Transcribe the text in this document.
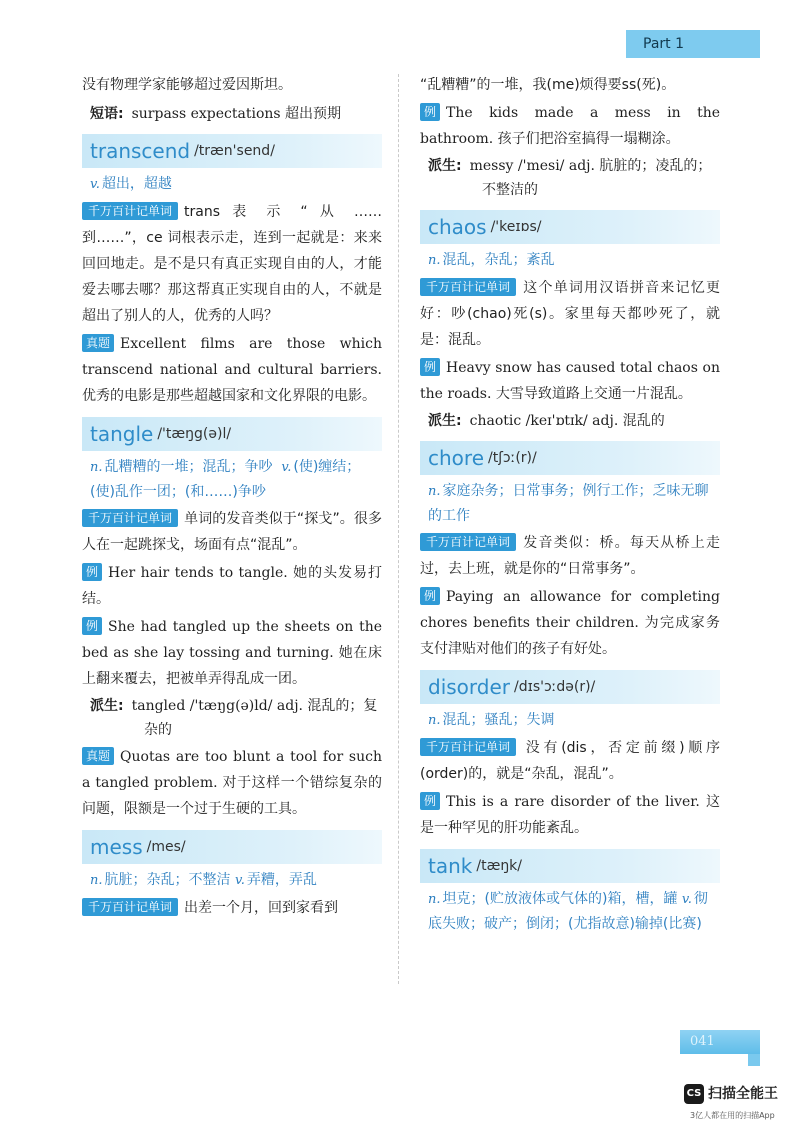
Part 1

没有物理学家能够超过爱因斯坦。

短语: surpass expectations 超出预期

transcend /træn'send/

v. 超出，超越

千万百计记单词 trans 表 示 “ 从 …… 到……”，ce 词根表示走，连到一起就是：来来回回地走。是不是只有真正实现自由的人，才能爱去哪去哪？那这帮真正实现自由的人，不就是超出了别人的人，优秀的人吗？

真题 Excellent films are those which transcend national and cultural barriers. 优秀的电影是那些超越国家和文化界限的电影。

tangle /'tæŋg(ə)l/

n. 乱糟糟的一堆；混乱；争吵 v. (使)缠结；(使)乱作一团；(和……)争吵

千万百计记单词 单词的发音类似于“探戈”。很多人在一起跳探戈，场面有点“混乱”。

例 Her hair tends to tangle. 她的头发易打结。

例 She had tangled up the sheets on the bed as she lay tossing and turning. 她在床上翻来覆去，把被单弄得乱成一团。

派生: tangled /'tæŋg(ə)ld/ adj. 混乱的；复
杂的

真题 Quotas are too blunt a tool for such a tangled problem. 对于这样一个错综复杂的问题，限额是一个过于生硬的工具。

mess /mes/

n. 肮脏；杂乱；不整洁 v. 弄糟，弄乱

千万百计记单词 出差一个月，回到家看到

“乱糟糟”的一堆，我(me)烦得要ss(死)。

例 The kids made a mess in the bathroom. 孩子们把浴室搞得一塌糊涂。

派生: messy /'mesi/ adj. 肮脏的；凌乱的；
不整洁的

chaos /'keɪɒs/

n. 混乱，杂乱；紊乱

千万百计记单词 这个单词用汉语拼音来记忆更好：吵(chao)死(s)。家里每天都吵死了，就是：混乱。

例 Heavy snow has caused total chaos on the roads. 大雪导致道路上交通一片混乱。

派生: chaotic /keɪ'ɒtɪk/ adj. 混乱的

chore /tʃɔː(r)/

n. 家庭杂务；日常事务；例行工作；乏味无聊的工作

千万百计记单词 发音类似：桥。每天从桥上走过，去上班，就是你的“日常事务”。

例 Paying an allowance for completing chores benefits their children. 为完成家务支付津贴对他们的孩子有好处。

disorder /dɪs'ɔːdə(r)/

n. 混乱；骚乱；失调

千万百计记单词 没有(dis，否定前缀)顺序(order)的，就是“杂乱，混乱”。

例 This is a rare disorder of the liver. 这是一种罕见的肝功能紊乱。

tank /tæŋk/

n. 坦克；(贮放液体或气体的)箱，槽，罐 v. 彻底失败；破产；倒闭；(尤指故意)输掉(比赛)

041
CS 扫描全能王
3亿人都在用的扫描App
